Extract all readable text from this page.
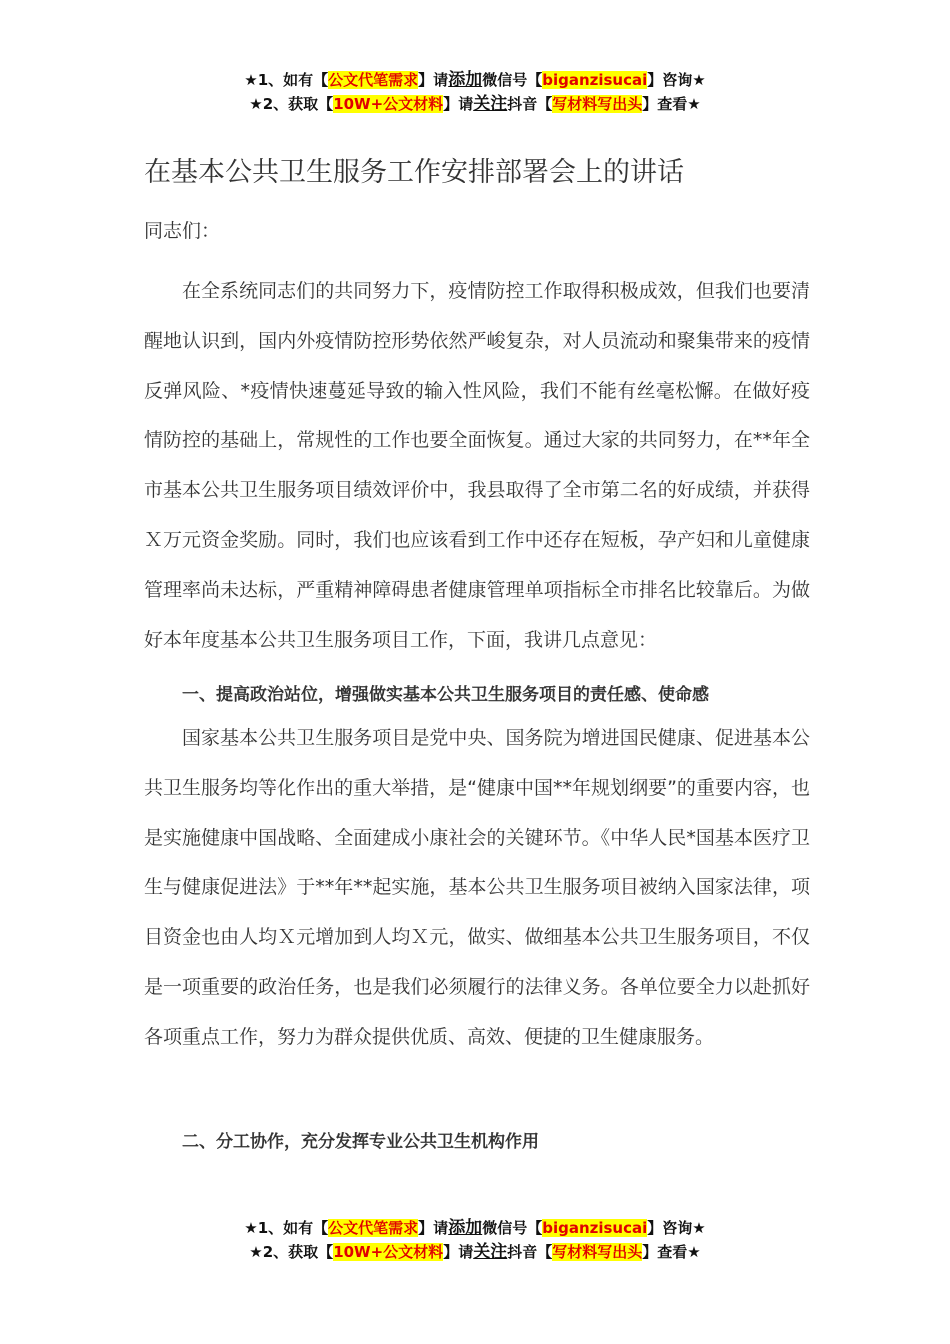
★1、如有【公文代笔需求】请添加微信号【biganzisucai】咨询★
★2、获取【10W+公文材料】请关注抖音【写材料写出头】查看★
在基本公共卫生服务工作安排部署会上的讲话

同志们：

在全系统同志们的共同努力下，疫情防控工作取得积极成效，但我们也要清醒地认识到，国内外疫情防控形势依然严峻复杂，对人员流动和聚集带来的疫情反弹风险、*疫情快速蔓延导致的输入性风险，我们不能有丝毫松懈。在做好疫情防控的基础上，常规性的工作也要全面恢复。通过大家的共同努力，在**年全市基本公共卫生服务项目绩效评价中，我县取得了全市第二名的好成绩，并获得Ｘ万元资金奖励。同时，我们也应该看到工作中还存在短板，孕产妇和儿童健康管理率尚未达标，严重精神障碍患者健康管理单项指标全市排名比较靠后。为做好本年度基本公共卫生服务项目工作，下面，我讲几点意见：

一、提高政治站位，增强做实基本公共卫生服务项目的责任感、使命感

国家基本公共卫生服务项目是党中央、国务院为增进国民健康、促进基本公共卫生服务均等化作出的重大举措，是“健康中国**年规划纲要”的重要内容，也是实施健康中国战略、全面建成小康社会的关键环节。《中华人民*国基本医疗卫生与健康促进法》于**年**起实施，基本公共卫生服务项目被纳入国家法律，项目资金也由人均Ｘ元增加到人均Ｘ元，做实、做细基本公共卫生服务项目，不仅是一项重要的政治任务，也是我们必须履行的法律义务。各单位要全力以赴抓好各项重点工作，努力为群众提供优质、高效、便捷的卫生健康服务。

二、分工协作，充分发挥专业公共卫生机构作用

★1、如有【公文代笔需求】请添加微信号【biganzisucai】咨询★
★2、获取【10W+公文材料】请关注抖音【写材料写出头】查看★
